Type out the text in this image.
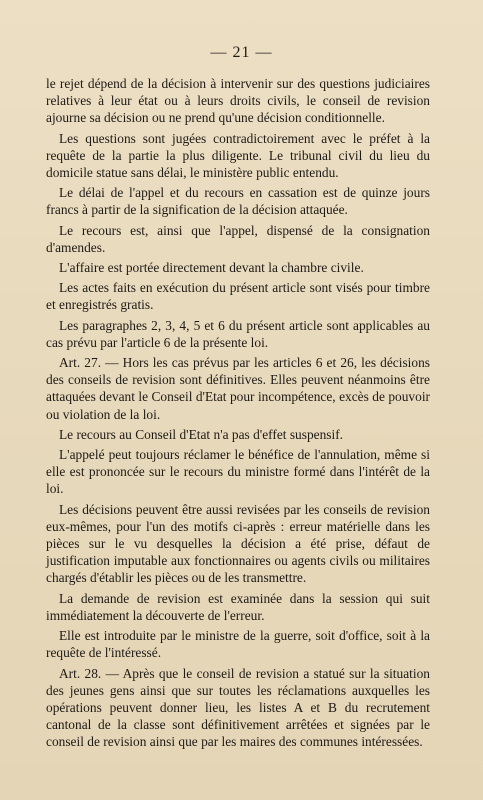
— 21 —

le rejet dépend de la décision à intervenir sur des questions judiciaires relatives à leur état ou à leurs droits civils, le conseil de revision ajourne sa décision ou ne prend qu'une décision conditionnelle.

Les questions sont jugées contradictoirement avec le préfet à la requête de la partie la plus diligente. Le tribunal civil du lieu du domicile statue sans délai, le ministère public entendu.

Le délai de l'appel et du recours en cassation est de quinze jours francs à partir de la signification de la décision attaquée.

Le recours est, ainsi que l'appel, dispensé de la consignation d'amendes.

L'affaire est portée directement devant la chambre civile.

Les actes faits en exécution du présent article sont visés pour timbre et enregistrés gratis.

Les paragraphes 2, 3, 4, 5 et 6 du présent article sont applicables au cas prévu par l'article 6 de la présente loi.

Art. 27. — Hors les cas prévus par les articles 6 et 26, les décisions des conseils de revision sont définitives. Elles peuvent néanmoins être attaquées devant le Conseil d'Etat pour incompétence, excès de pouvoir ou violation de la loi.

Le recours au Conseil d'Etat n'a pas d'effet suspensif.

L'appelé peut toujours réclamer le bénéfice de l'annulation, même si elle est prononcée sur le recours du ministre formé dans l'intérêt de la loi.

Les décisions peuvent être aussi revisées par les conseils de revision eux-mêmes, pour l'un des motifs ci-après : erreur matérielle dans les pièces sur le vu desquelles la décision a été prise, défaut de justification imputable aux fonctionnaires ou agents civils ou militaires chargés d'établir les pièces ou de les transmettre.

La demande de revision est examinée dans la session qui suit immédiatement la découverte de l'erreur.

Elle est introduite par le ministre de la guerre, soit d'office, soit à la requête de l'intéressé.

Art. 28. — Après que le conseil de revision a statué sur la situation des jeunes gens ainsi que sur toutes les réclamations auxquelles les opérations peuvent donner lieu, les listes A et B du recrutement cantonal de la classe sont définitivement arrêtées et signées par le conseil de revision ainsi que par les maires des communes intéressées.
